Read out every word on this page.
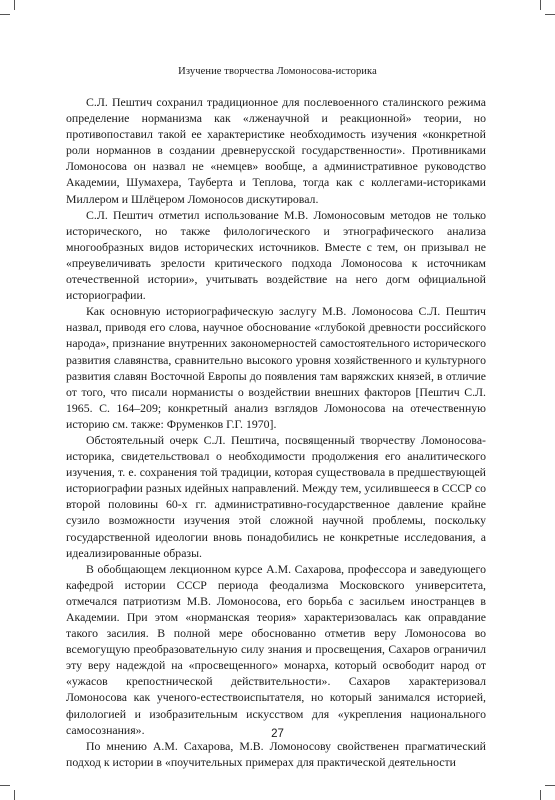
Изучение творчества Ломоносова-историка

С.Л. Пештич сохранил традиционное для послевоенного сталинского режима определение норманизма как «лженаучной и реакционной» теории, но противопоставил такой ее характеристике необходимость изучения «конкретной роли норманнов в создании древнерусской государственности». Противниками Ломоносова он назвал не «немцев» вообще, а административное руководство Академии, Шумахера, Тауберта и Теплова, тогда как с коллегами-историками Миллером и Шлёцером Ломоносов дискутировал.

С.Л. Пештич отметил использование М.В. Ломоносовым методов не только исторического, но также филологического и этнографического анализа многообразных видов исторических источников. Вместе с тем, он призывал не «преувеличивать зрелости критического подхода Ломоносова к источникам отечественной истории», учитывать воздействие на него догм официальной историографии.

Как основную историографическую заслугу М.В. Ломоносова С.Л. Пештич назвал, приводя его слова, научное обоснование «глубокой древности российского народа», признание внутренних закономерностей самостоятельного исторического развития славянства, сравнительно высокого уровня хозяйственного и культурного развития славян Восточной Европы до появления там варяжских князей, в отличие от того, что писали норманисты о воздействии внешних факторов [Пештич С.Л. 1965. С. 164–209; конкретный анализ взглядов Ломоносова на отечественную историю см. также: Фруменков Г.Г. 1970].

Обстоятельный очерк С.Л. Пештича, посвященный творчеству Ломоносова-историка, свидетельствовал о необходимости продолжения его аналитического изучения, т. е. сохранения той традиции, которая существовала в предшествующей историографии разных идейных направлений. Между тем, усилившееся в СССР со второй половины 60-х гг. административно-государственное давление крайне сузило возможности изучения этой сложной научной проблемы, поскольку государственной идеологии вновь понадобились не конкретные исследования, а идеализированные образы.

В обобщающем лекционном курсе А.М. Сахарова, профессора и заведующего кафедрой истории СССР периода феодализма Московского университета, отмечался патриотизм М.В. Ломоносова, его борьба с засильем иностранцев в Академии. При этом «норманская теория» характеризовалась как оправдание такого засилия. В полной мере обоснованно отметив веру Ломоносова во всемогущую преобразовательную силу знания и просвещения, Сахаров ограничил эту веру надеждой на «просвещенного» монарха, который освободит народ от «ужасов крепостнической действительности». Сахаров характеризовал Ломоносова как ученого-естествоиспытателя, но который занимался историей, филологией и изобразительным искусством для «укрепления национального самосознания».

По мнению А.М. Сахарова, М.В. Ломоносову свойственен прагматический подход к истории в «поучительных примерах для практической деятельности

27
